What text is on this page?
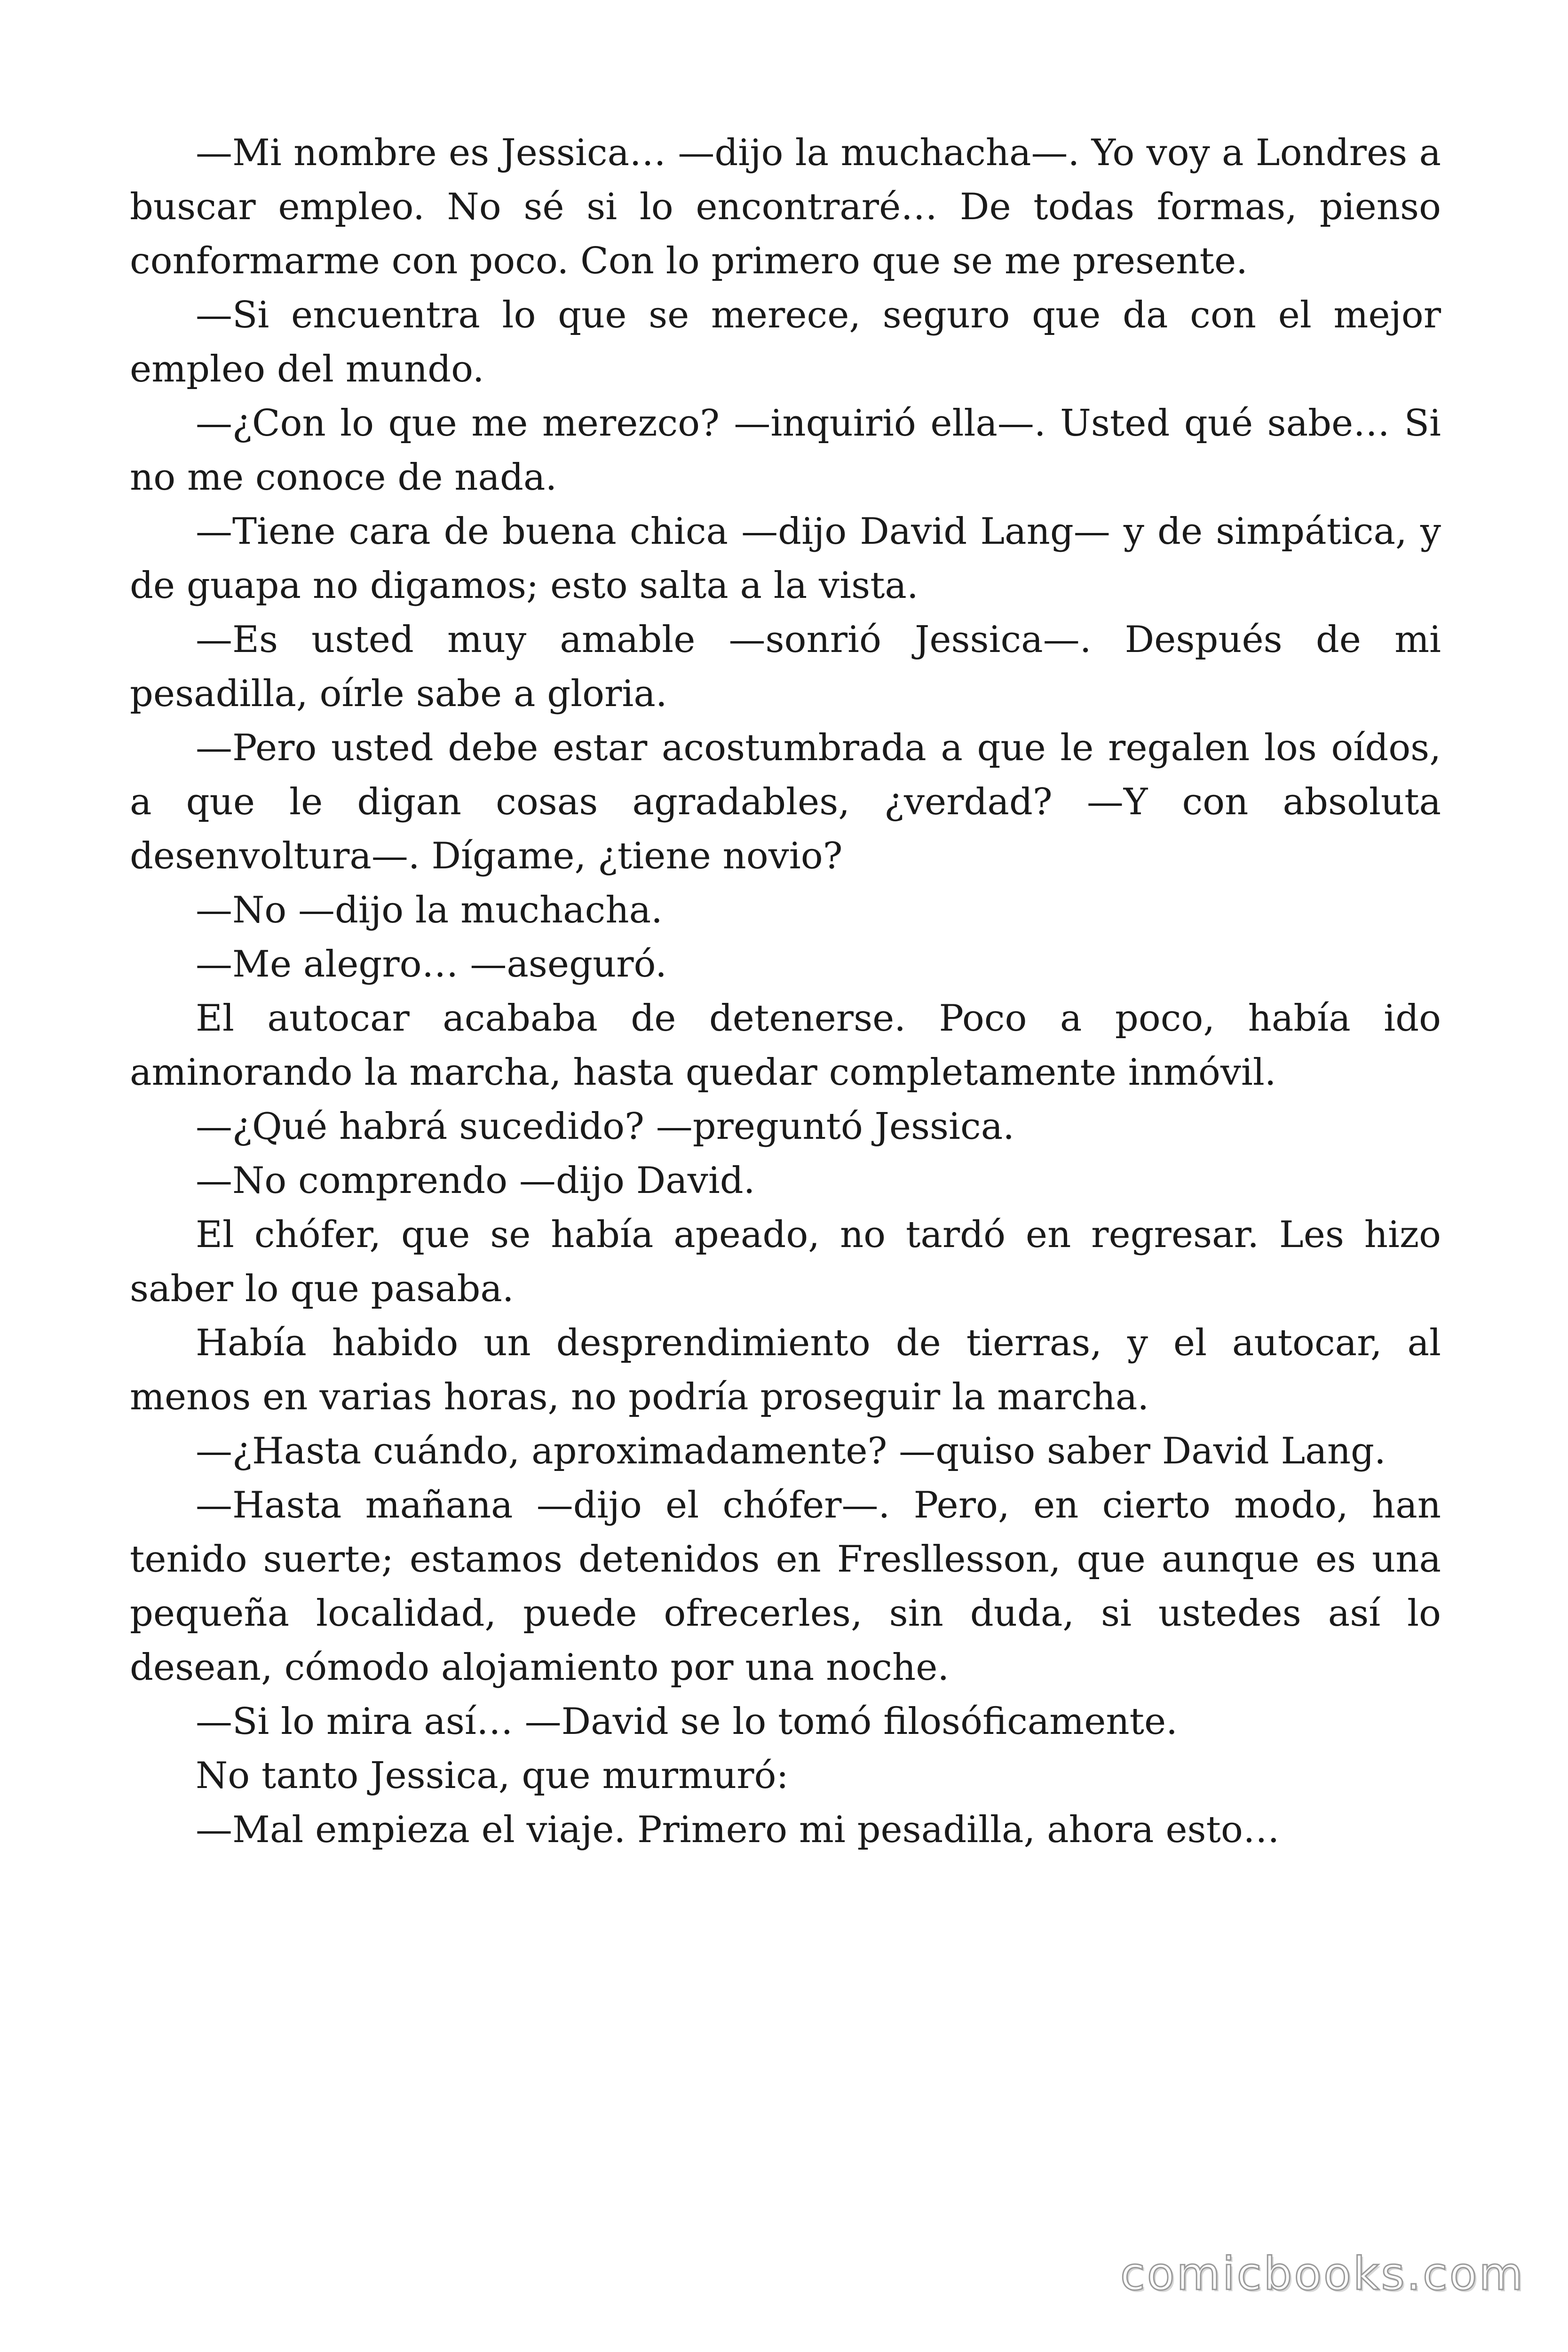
—Mi nombre es Jessica… —dijo la muchacha—. Yo voy a Londres a buscar empleo. No sé si lo encontraré… De todas formas, pienso conformarme con poco. Con lo primero que se me presente.

—Si encuentra lo que se merece, seguro que da con el mejor empleo del mundo.

—¿Con lo que me merezco? —inquirió ella—. Usted qué sabe… Si no me conoce de nada.

—Tiene cara de buena chica —dijo David Lang— y de simpática, y de guapa no digamos; esto salta a la vista.

—Es usted muy amable —sonrió Jessica—. Después de mi pesadilla, oírle sabe a gloria.

—Pero usted debe estar acostumbrada a que le regalen los oídos, a que le digan cosas agradables, ¿verdad? —Y con absoluta desenvoltura—. Dígame, ¿tiene novio?

—No —dijo la muchacha.

—Me alegro… —aseguró.

El autocar acababa de detenerse. Poco a poco, había ido aminorando la marcha, hasta quedar completamente inmóvil.

—¿Qué habrá sucedido? —preguntó Jessica.

—No comprendo —dijo David.

El chófer, que se había apeado, no tardó en regresar. Les hizo saber lo que pasaba.

Había habido un desprendimiento de tierras, y el autocar, al menos en varias horas, no podría proseguir la marcha.

—¿Hasta cuándo, aproximadamente? —quiso saber David Lang.

—Hasta mañana —dijo el chófer—. Pero, en cierto modo, han tenido suerte; estamos detenidos en Fresllesson, que aunque es una pequeña localidad, puede ofrecerles, sin duda, si ustedes así lo desean, cómodo alojamiento por una noche.

—Si lo mira así… —David se lo tomó filosóficamente.

No tanto Jessica, que murmuró:

—Mal empieza el viaje. Primero mi pesadilla, ahora esto…

comicbooks.com
